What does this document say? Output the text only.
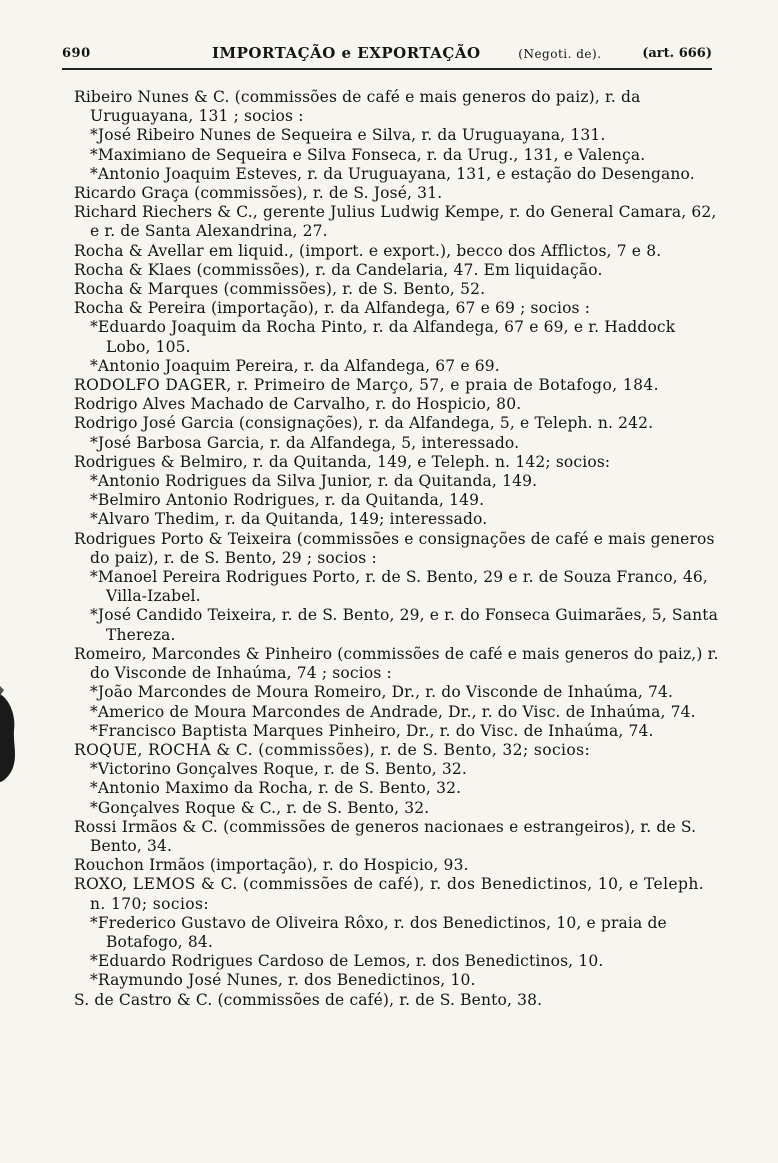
690	IMPORTAÇÃO e EXPORTAÇÃO	(Negoti. de).	(art. 666)
Ribeiro Nunes & C. (commissões de café e mais generos do paiz), r. da Uruguayana, 131 ; socios :
*José Ribeiro Nunes de Sequeira e Silva, r. da Uruguayana, 131.
*Maximiano de Sequeira e Silva Fonseca, r. da Urug., 131, e Valença.
*Antonio Joaquim Esteves, r. da Uruguayana, 131, e estação do Desengano.
Ricardo Graça (commissões), r. de S. José, 31.
Richard Riechers & C., gerente Julius Ludwig Kempe, r. do General Camara, 62, e r. de Santa Alexandrina, 27.
Rocha & Avellar em liquid., (import. e export.), becco dos Afflictos, 7 e 8.
Rocha & Klaes (commissões), r. da Candelaria, 47. Em liquidação.
Rocha & Marques (commissões), r. de S. Bento, 52.
Rocha & Pereira (importação), r. da Alfandega, 67 e 69 ; socios :
*Eduardo Joaquim da Rocha Pinto, r. da Alfandega, 67 e 69, e r. Haddock Lobo, 105.
*Antonio Joaquim Pereira, r. da Alfandega, 67 e 69.
RODOLFO DAGER, r. Primeiro de Março, 57, e praia de Botafogo, 184.
Rodrigo Alves Machado de Carvalho, r. do Hospicio, 80.
Rodrigo José Garcia (consignações), r. da Alfandega, 5, e Teleph. n. 242.
*José Barbosa Garcia, r. da Alfandega, 5, interessado.
Rodrigues & Belmiro, r. da Quitanda, 149, e Teleph. n. 142; socios:
*Antonio Rodrigues da Silva Junior, r. da Quitanda, 149.
*Belmiro Antonio Rodrigues, r. da Quitanda, 149.
*Alvaro Thedim, r. da Quitanda, 149; interessado.
Rodrigues Porto & Teixeira (commissões e consignações de café e mais generos do paiz), r. de S. Bento, 29 ; socios :
*Manoel Pereira Rodrigues Porto, r. de S. Bento, 29 e r. de Souza Franco, 46, Villa-Izabel.
*José Candido Teixeira, r. de S. Bento, 29, e r. do Fonseca Guimarães, 5, Santa Thereza.
Romeiro, Marcondes & Pinheiro (commissões de café e mais generos do paiz,) r. do Visconde de Inhaúma, 74 ; socios :
*João Marcondes de Moura Romeiro, Dr., r. do Visconde de Inhaúma, 74.
*Americo de Moura Marcondes de Andrade, Dr., r. do Visc. de Inhaúma, 74.
*Francisco Baptista Marques Pinheiro, Dr., r. do Visc. de Inhaúma, 74.
ROQUE, ROCHA & C. (commissões), r. de S. Bento, 32; socios:
*Victorino Gonçalves Roque, r. de S. Bento, 32.
*Antonio Maximo da Rocha, r. de S. Bento, 32.
*Gonçalves Roque & C., r. de S. Bento, 32.
Rossi Irmãos & C. (commissões de generos nacionaes e estrangeiros), r. de S. Bento, 34.
Rouchon Irmãos (importação), r. do Hospicio, 93.
ROXO, LEMOS & C. (commissões de café), r. dos Benedictinos, 10, e Teleph. n. 170; socios:
*Frederico Gustavo de Oliveira Rôxo, r. dos Benedictinos, 10, e praia de Botafogo, 84.
*Eduardo Rodrigues Cardoso de Lemos, r. dos Benedictinos, 10.
*Raymundo José Nunes, r. dos Benedictinos, 10.
S. de Castro & C. (commissões de café), r. de S. Bento, 38.
